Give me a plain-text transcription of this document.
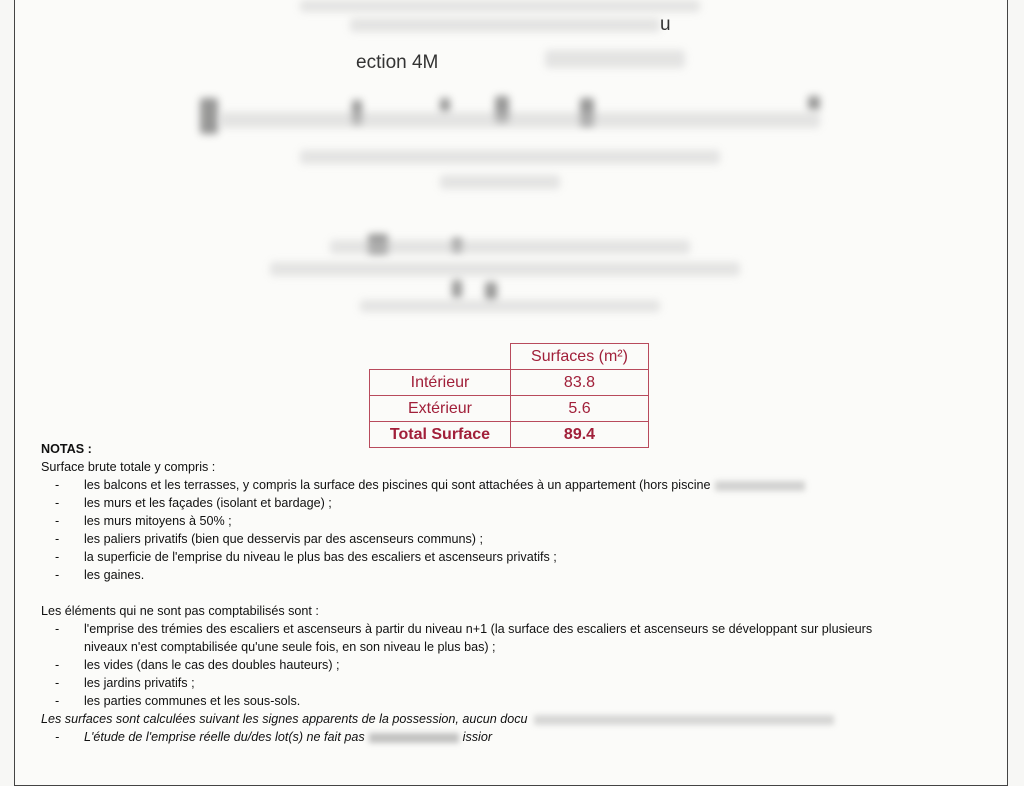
u
ection 4M
	Surfaces (m²)
Intérieur	83.8
Extérieur	5.6
Total Surface	89.4
NOTAS :
Surface brute totale y compris :
- les balcons et les terrasses, y compris la surface des piscines qui sont attachées à un appartement (hors piscine
- les murs et les façades (isolant et bardage) ;
- les murs mitoyens à 50% ;
- les paliers privatifs (bien que desservis par des ascenseurs communs) ;
- la superficie de l'emprise du niveau le plus bas des escaliers et ascenseurs privatifs ;
- les gaines.
Les éléments qui ne sont pas comptabilisés sont :
- l'emprise des trémies des escaliers et ascenseurs à partir du niveau n+1 (la surface des escaliers et ascenseurs se développant sur plusieurs
niveaux n'est comptabilisée qu'une seule fois, en son niveau le plus bas) ;
- les vides (dans le cas des doubles hauteurs) ;
- les jardins privatifs ;
- les parties communes et les sous-sols.
Les surfaces sont calculées suivant les signes apparents de la possession, aucun docu
- L'étude de l'emprise réelle du/des lot(s) ne fait pas	issior
